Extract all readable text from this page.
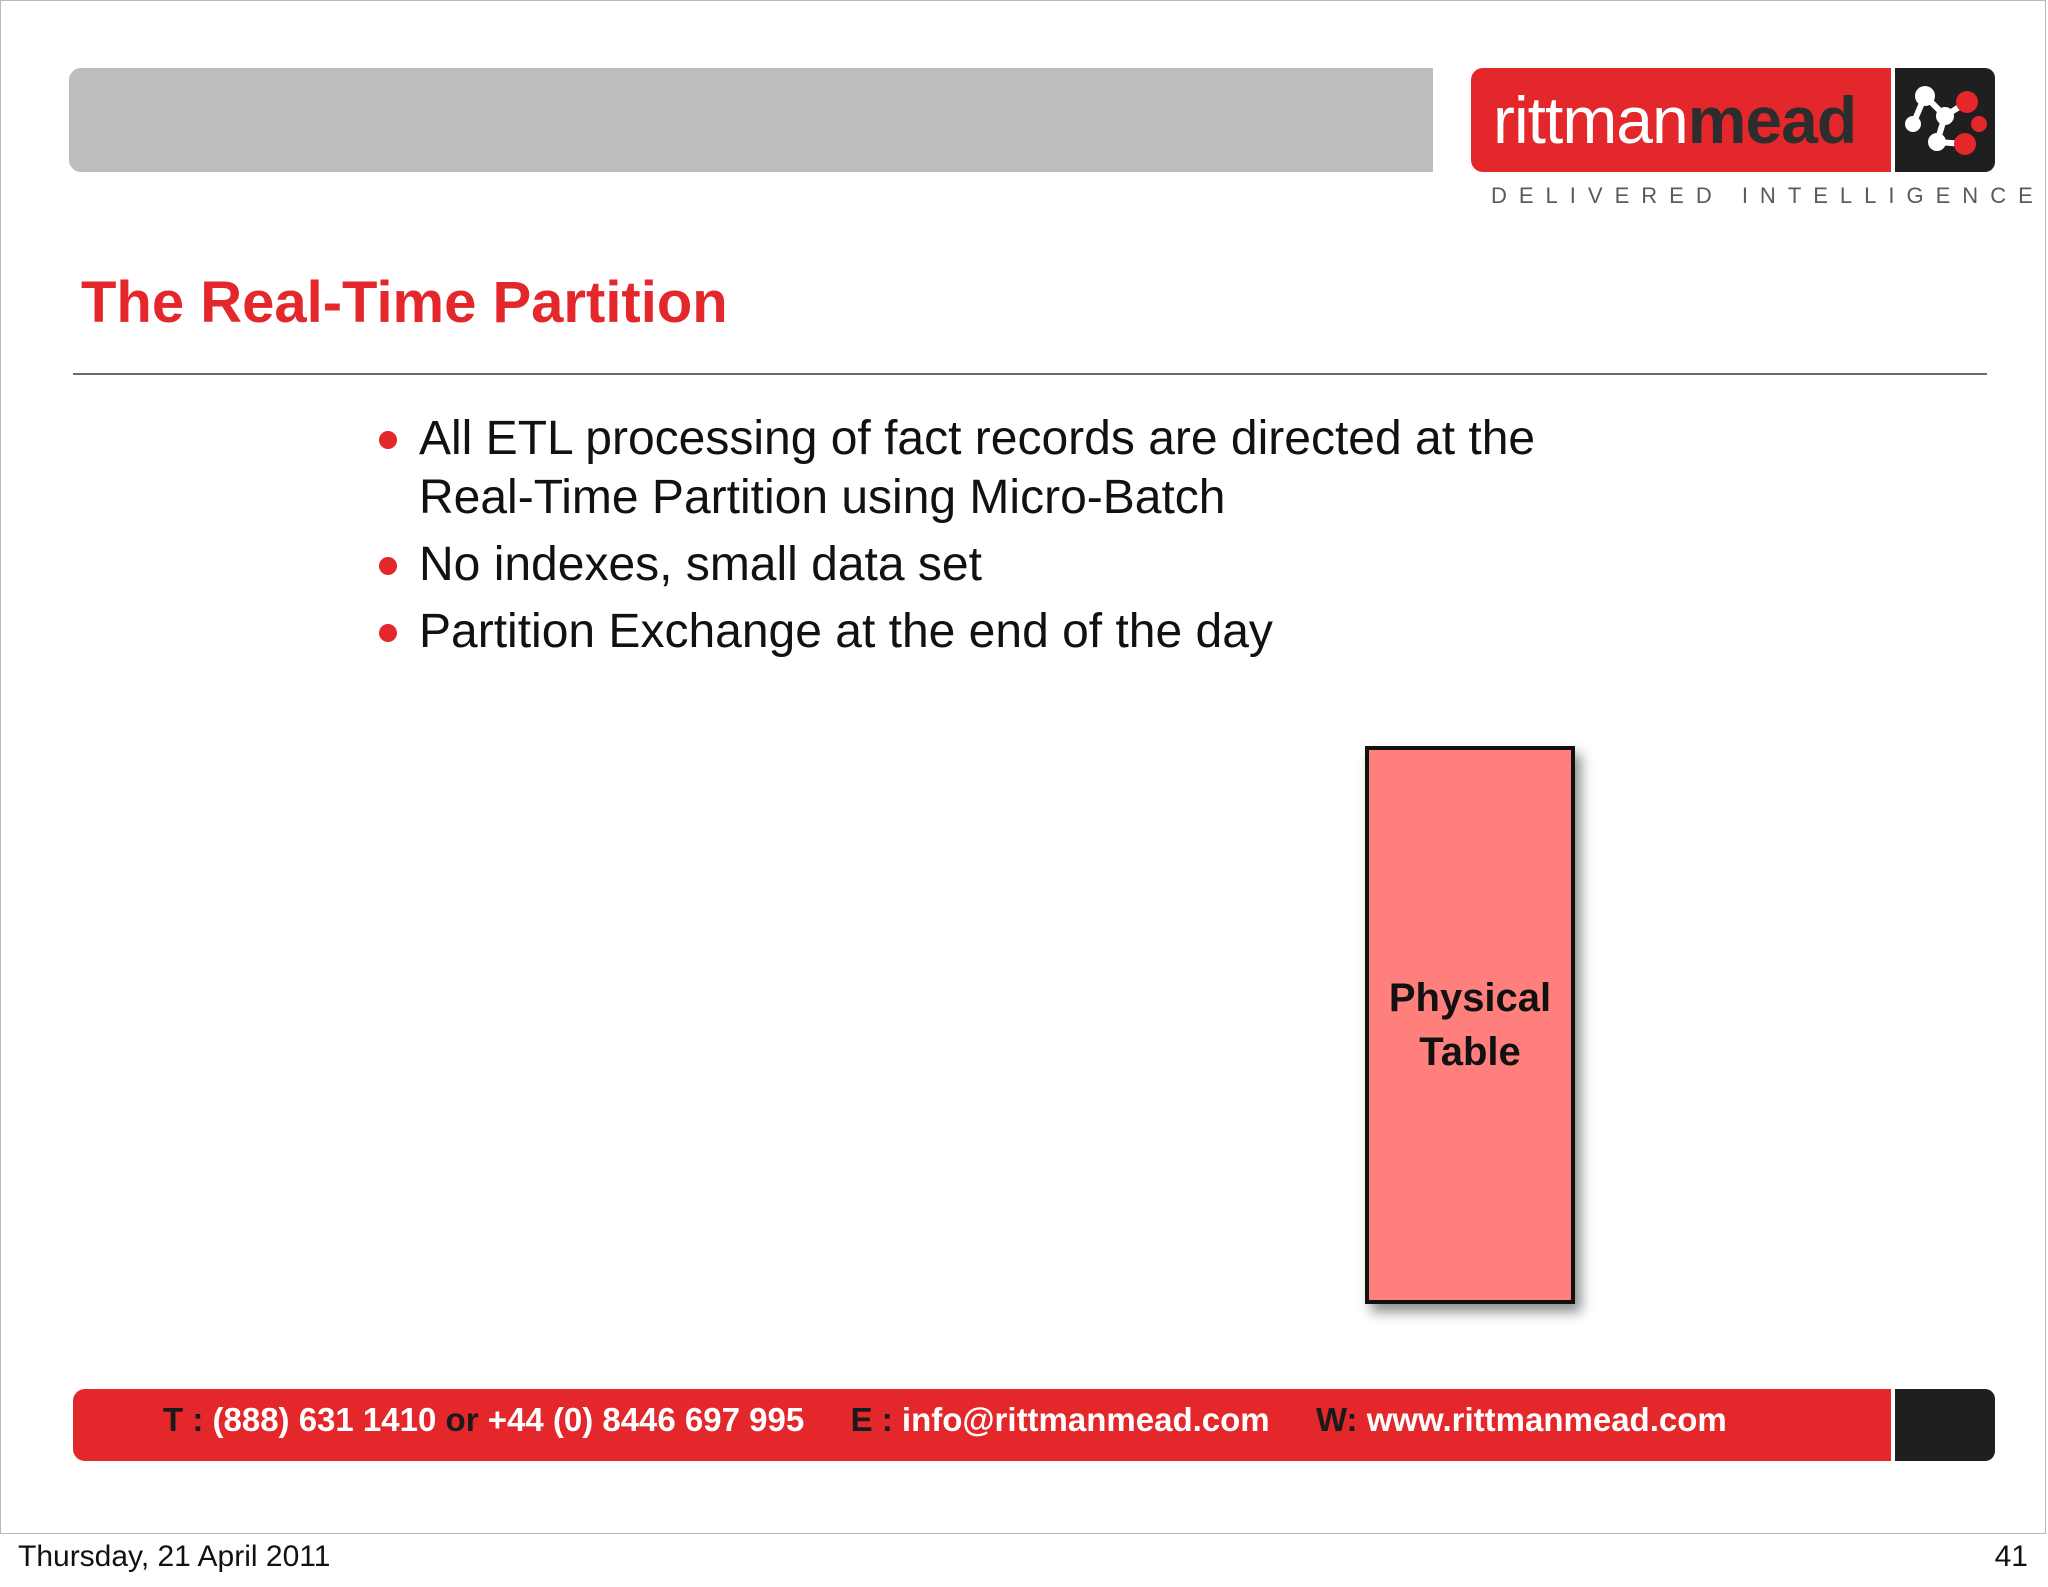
rittmanmead
DELIVERED INTELLIGENCE
The Real-Time Partition
All ETL processing of fact records are directed at the Real-Time Partition using Micro-Batch
No indexes, small data set
Partition Exchange at the end of the day
Physical Table
T : (888) 631 1410 or +44 (0) 8446 697 995 E : info@rittmanmead.com W: www.rittmanmead.com
Thursday, 21 April 2011	41
